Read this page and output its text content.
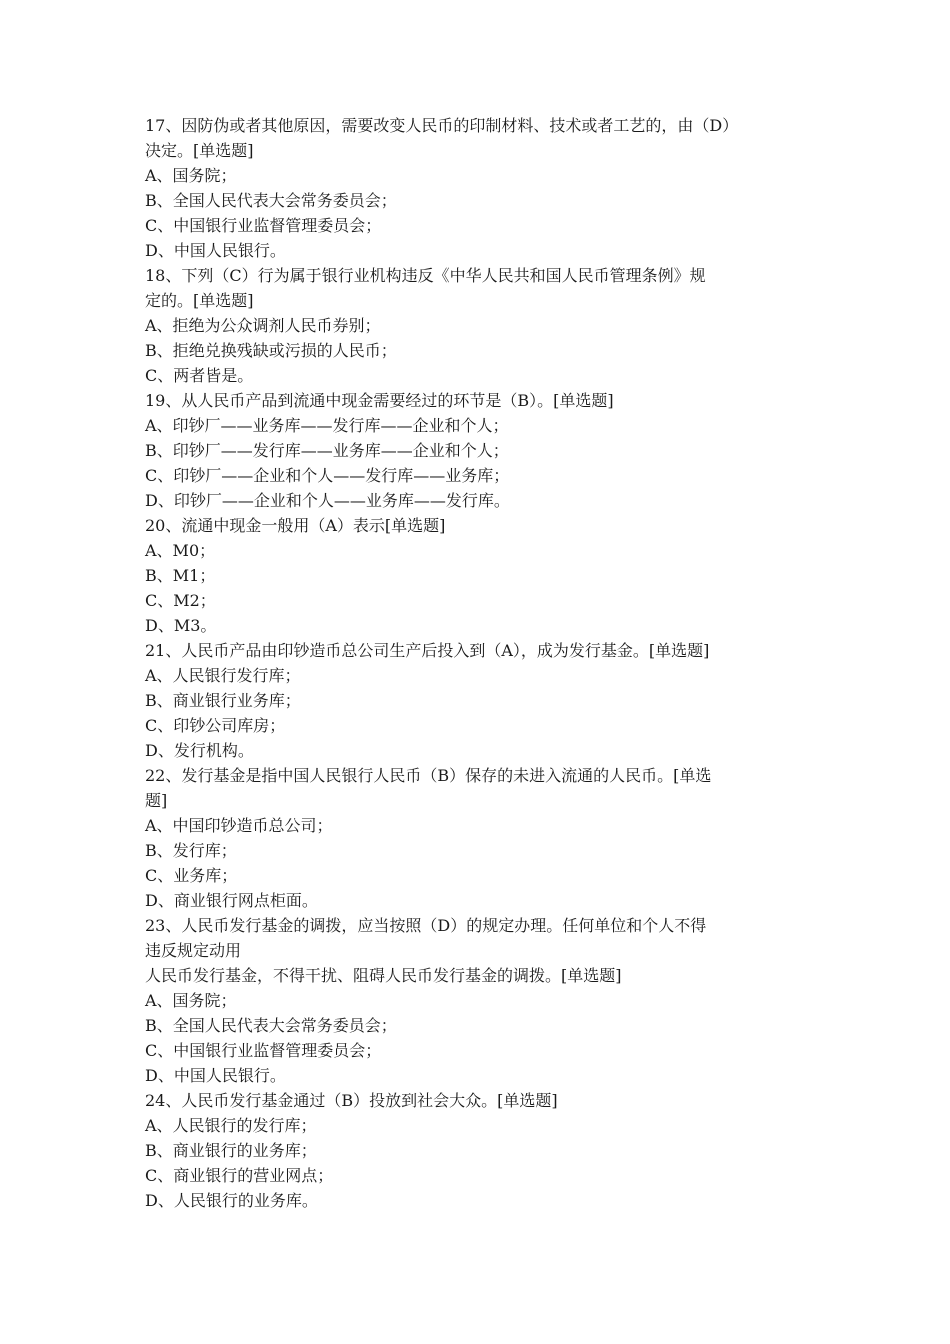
17、因防伪或者其他原因，需要改变人民币的印制材料、技术或者工艺的，由（D）
决定。[单选题]
A、国务院；
B、全国人民代表大会常务委员会；
C、中国银行业监督管理委员会；
D、中国人民银行。
18、下列（C）行为属于银行业机构违反《中华人民共和国人民币管理条例》规
定的。[单选题]
A、拒绝为公众调剂人民币券别；
B、拒绝兑换残缺或污损的人民币；
C、两者皆是。
19、从人民币产品到流通中现金需要经过的环节是（B）。[单选题]
A、印钞厂——业务库——发行库——企业和个人；
B、印钞厂——发行库——业务库——企业和个人；
C、印钞厂——企业和个人——发行库——业务库；
D、印钞厂——企业和个人——业务库——发行库。
20、流通中现金一般用（A）表示[单选题]
A、M0；
B、M1；
C、M2；
D、M3。
21、人民币产品由印钞造币总公司生产后投入到（A），成为发行基金。[单选题]
A、人民银行发行库；
B、商业银行业务库；
C、印钞公司库房；
D、发行机构。
22、发行基金是指中国人民银行人民币（B）保存的未进入流通的人民币。[单选
题]
A、中国印钞造币总公司；
B、发行库；
C、业务库；
D、商业银行网点柜面。
23、人民币发行基金的调拨，应当按照（D）的规定办理。任何单位和个人不得
违反规定动用
人民币发行基金，不得干扰、阻碍人民币发行基金的调拨。[单选题]
A、国务院；
B、全国人民代表大会常务委员会；
C、中国银行业监督管理委员会；
D、中国人民银行。
24、人民币发行基金通过（B）投放到社会大众。[单选题]
A、人民银行的发行库；
B、商业银行的业务库；
C、商业银行的营业网点；
D、人民银行的业务库。
